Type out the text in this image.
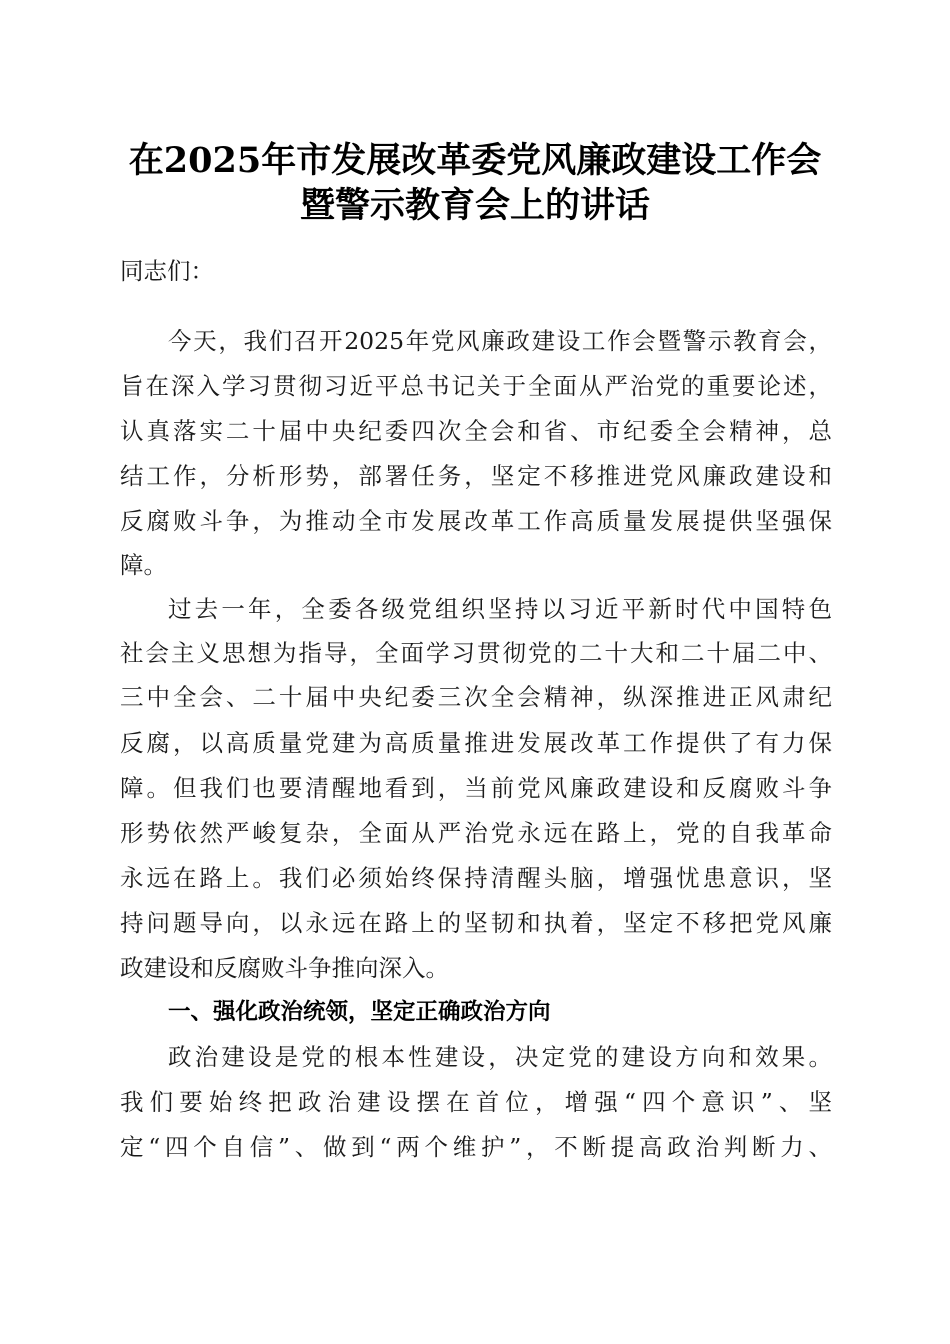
在2025年市发展改革委党风廉政建设工作会
暨警示教育会上的讲话
同志们：
今天，我们召开2025年党风廉政建设工作会暨警示教育会，
旨在深入学习贯彻习近平总书记关于全面从严治党的重要论述，
认真落实二十届中央纪委四次全会和省、市纪委全会精神，总
结工作，分析形势，部署任务，坚定不移推进党风廉政建设和
反腐败斗争，为推动全市发展改革工作高质量发展提供坚强保
障。
过去一年，全委各级党组织坚持以习近平新时代中国特色
社会主义思想为指导，全面学习贯彻党的二十大和二十届二中、
三中全会、二十届中央纪委三次全会精神，纵深推进正风肃纪
反腐，以高质量党建为高质量推进发展改革工作提供了有力保
障。但我们也要清醒地看到，当前党风廉政建设和反腐败斗争
形势依然严峻复杂，全面从严治党永远在路上，党的自我革命
永远在路上。我们必须始终保持清醒头脑，增强忧患意识，坚
持问题导向，以永远在路上的坚韧和执着，坚定不移把党风廉
政建设和反腐败斗争推向深入。
一、强化政治统领，坚定正确政治方向
政治建设是党的根本性建设，决定党的建设方向和效果。
我们要始终把政治建设摆在首位，增强“四个意识”、坚
定“四个自信”、做到“两个维护”，不断提高政治判断力、
